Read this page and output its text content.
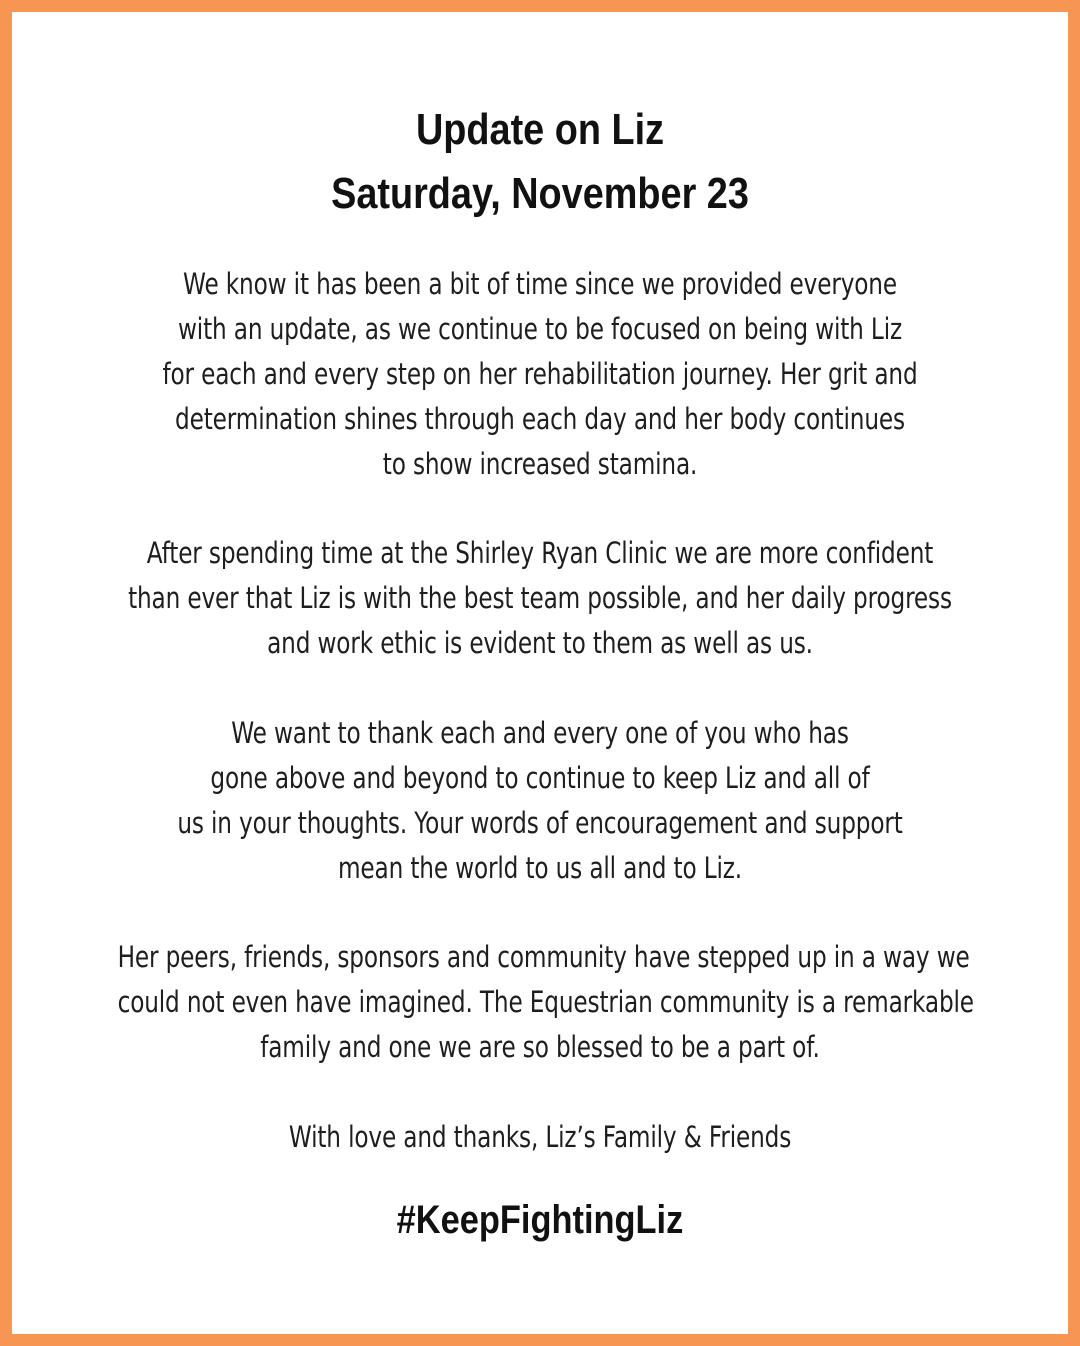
Update on Liz
Saturday, November 23

We know it has been a bit of time since we provided everyone
with an update, as we continue to be focused on being with Liz
for each and every step on her rehabilitation journey. Her grit and
determination shines through each day and her body continues
to show increased stamina.

After spending time at the Shirley Ryan Clinic we are more confident
than ever that Liz is with the best team possible, and her daily progress
and work ethic is evident to them as well as us.

We want to thank each and every one of you who has
gone above and beyond to continue to keep Liz and all of
us in your thoughts. Your words of encouragement and support
mean the world to us all and to Liz.

Her peers, friends, sponsors and community have stepped up in a way we
could not even have imagined. The Equestrian community is a remarkable
family and one we are so blessed to be a part of.

With love and thanks, Liz’s Family & Friends

#KeepFightingLiz
